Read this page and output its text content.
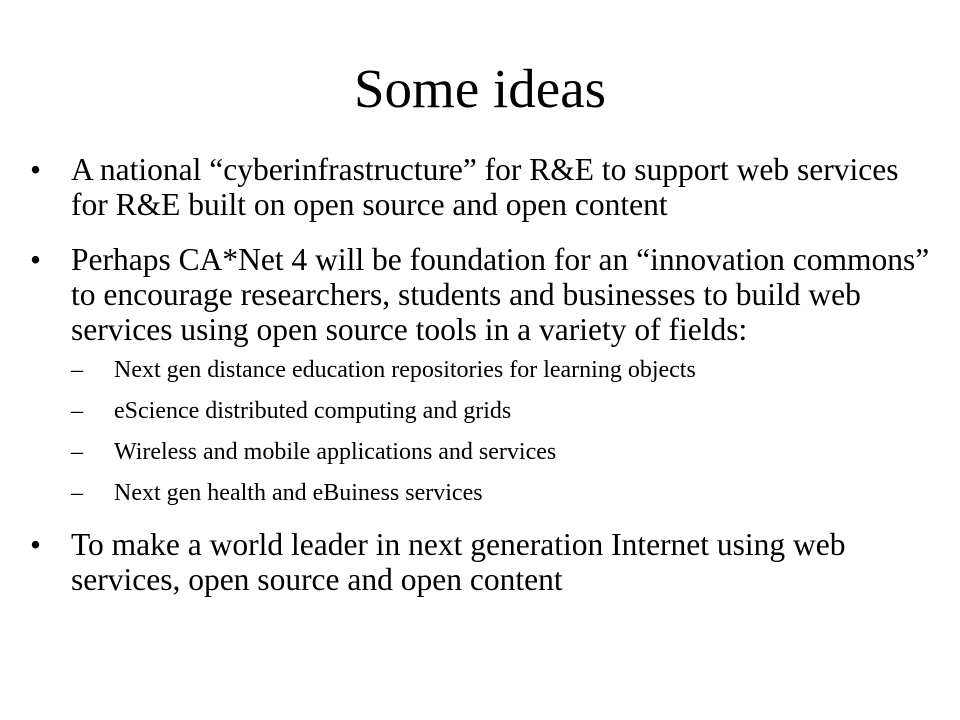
Some ideas
• A national “cyberinfrastructure” for R&E to support web services for R&E built on open source and open content
• Perhaps CA*Net 4 will be foundation for an “innovation commons” to encourage researchers, students and businesses to build web services using open source tools in a variety of fields:
– Next gen distance education repositories for learning objects
– eScience distributed computing and grids
– Wireless and mobile applications and services
– Next gen health and eBuiness services
• To make a world leader in next generation Internet using web services, open source and open content
